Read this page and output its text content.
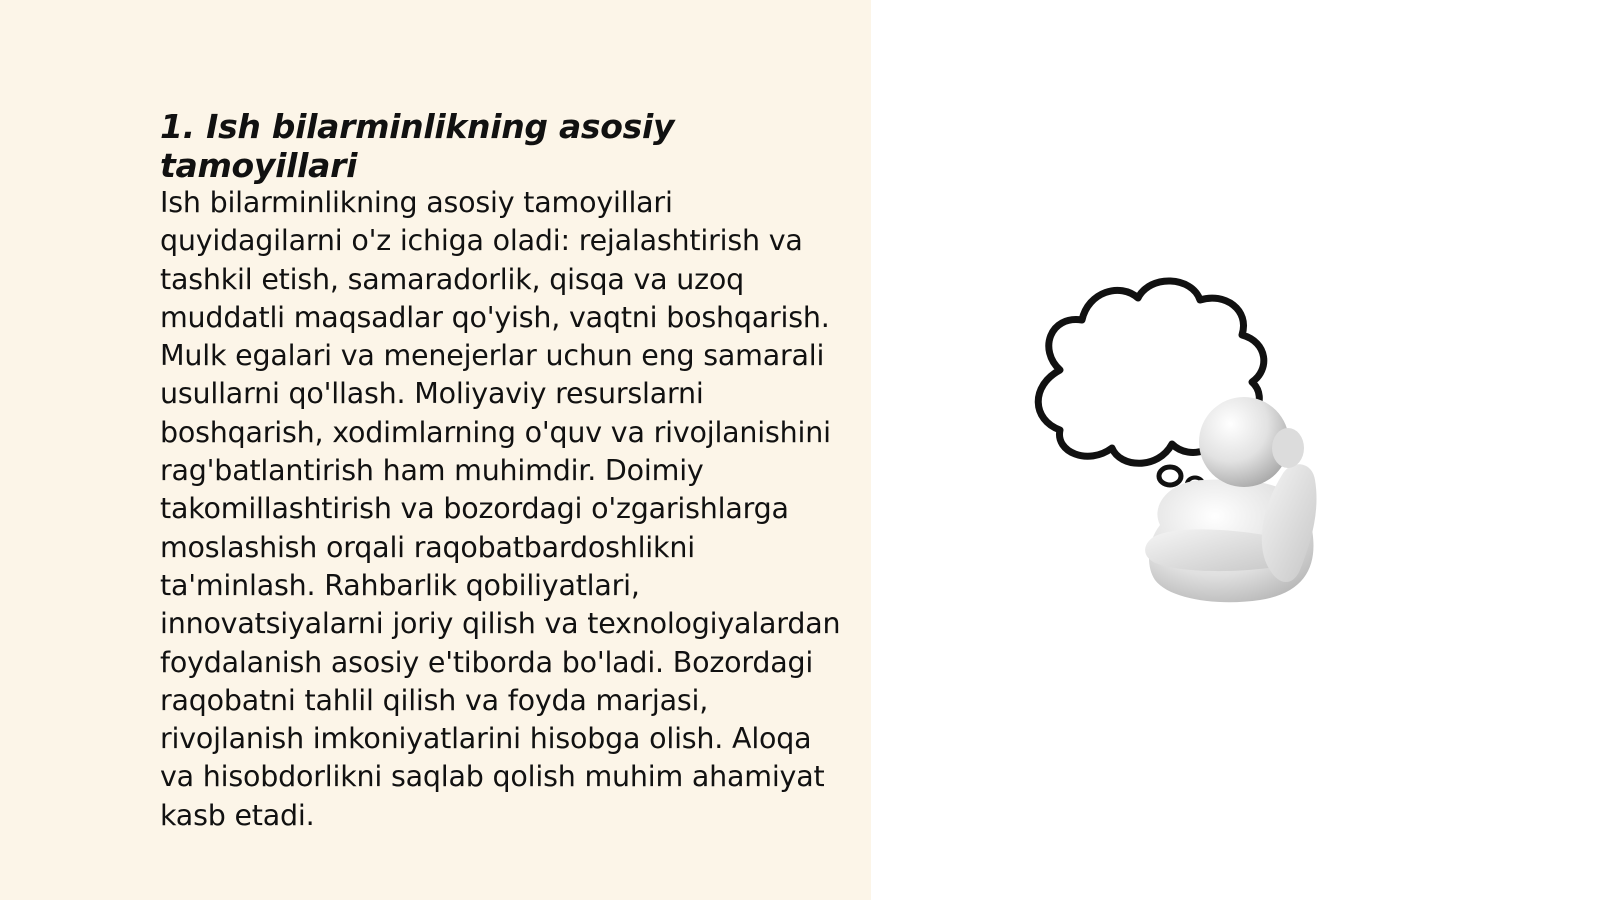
1. Ish bilarminlikning asosiy tamoyillari

Ish bilarminlikning asosiy tamoyillari quyidagilarni o'z ichiga oladi: rejalashtirish va tashkil etish, samaradorlik, qisqa va uzoq muddatli maqsadlar qo'yish, vaqtni boshqarish. Mulk egalari va menejerlar uchun eng samarali usullarni qo'llash. Moliyaviy resurslarni boshqarish, xodimlarning o'quv va rivojlanishini rag'batlantirish ham muhimdir. Doimiy takomillashtirish va bozordagi o'zgarishlarga moslashish orqali raqobatbardoshlikni ta'minlash. Rahbarlik qobiliyatlari, innovatsiyalarni joriy qilish va texnologiyalardan foydalanish asosiy e'tiborda bo'ladi. Bozordagi raqobatni tahlil qilish va foyda marjasi, rivojlanish imkoniyatlarini hisobga olish. Aloqa va hisobdorlikni saqlab qolish muhim ahamiyat kasb etadi.
